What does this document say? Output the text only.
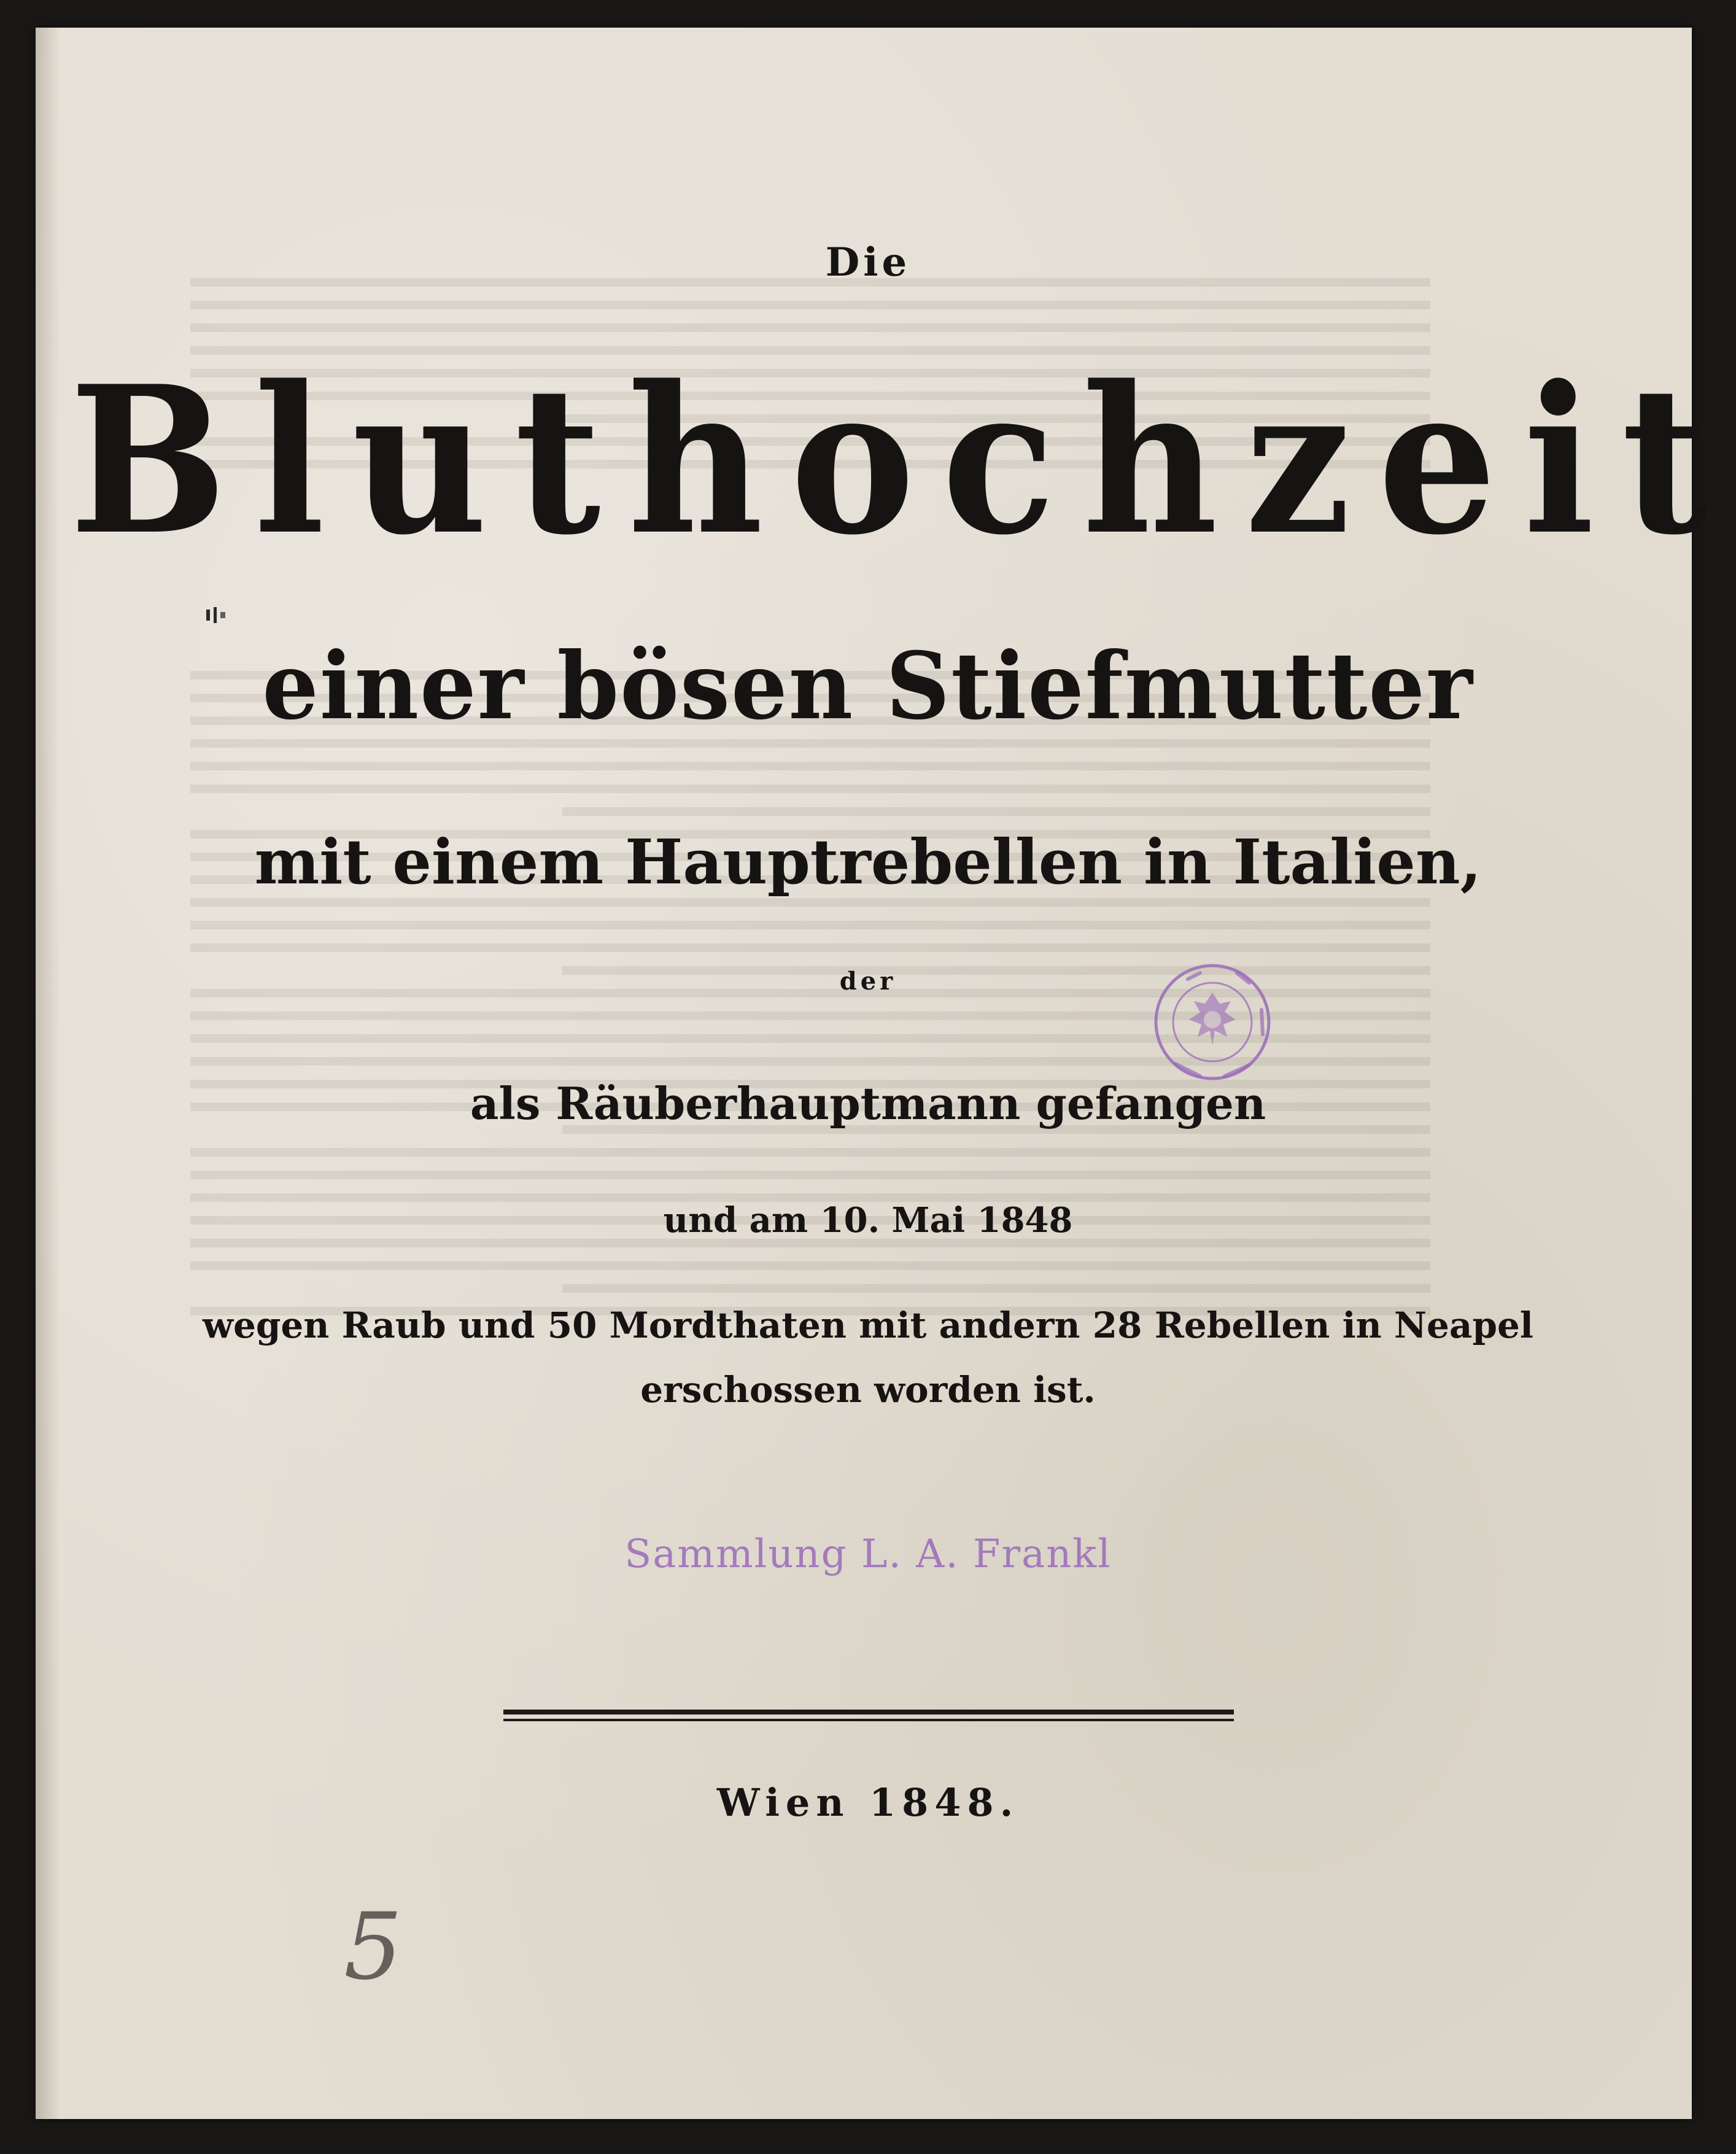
Die
Bluthochzeit
einer bösen Stiefmutter
mit einem Hauptrebellen in Italien,
der
als Räuberhauptmann gefangen
und am 10. Mai 1848
wegen Raub und 50 Mordthaten mit andern 28 Rebellen in Neapel
erschossen worden ist.
Sammlung L. A. Frankl
Wien 1848.
5
